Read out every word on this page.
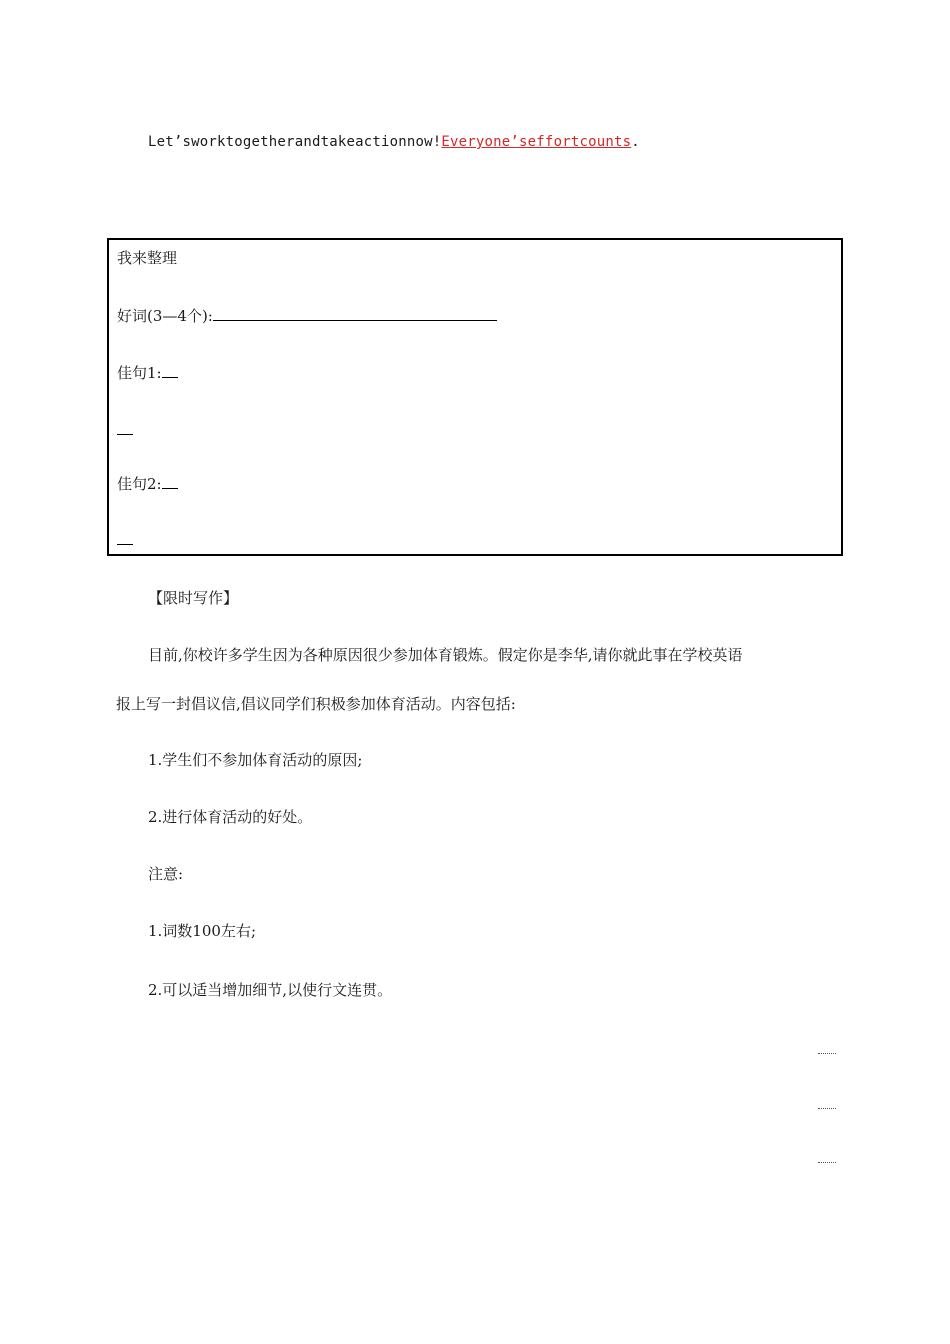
Let’sworktogetherandtakeactionnow!Everyone’seffortcounts.
我来整理
好词(3—4个):
佳句1:
佳句2:
【限时写作】
目前,你校许多学生因为各种原因很少参加体育锻炼。假定你是李华,请你就此事在学校英语
报上写一封倡议信,倡议同学们积极参加体育活动。内容包括:
1.学生们不参加体育活动的原因;
2.进行体育活动的好处。
注意:
1.词数100左右;
2.可以适当增加细节,以使行文连贯。
